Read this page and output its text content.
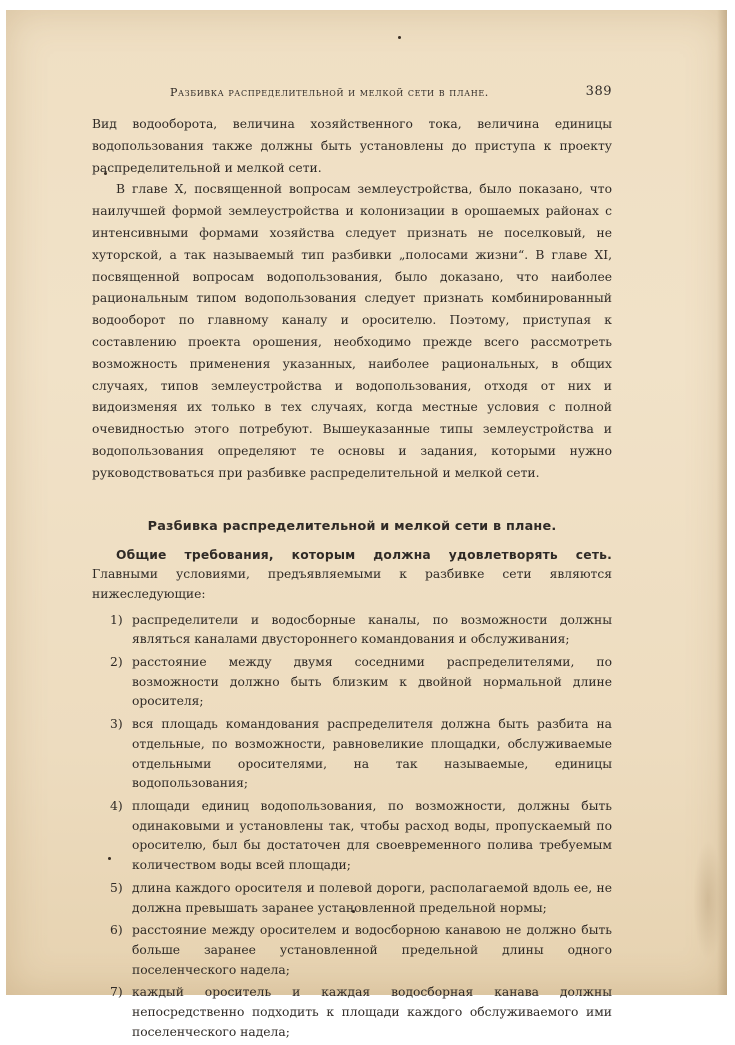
Разбивка распределительной и мелкой сети в плане.	389

Вид водооборота, величина хозяйственного тока, величина единицы водопользования также должны быть установлены до приступа к проекту распределительной и мелкой сети.

В главе X, посвященной вопросам землеустройства, было показано, что наилучшей формой землеустройства и колонизации в орошаемых районах с интенсивными формами хозяйства следует признать не поселковый, не хуторской, а так называемый тип разбивки „полосами жизни“. В главе XI, посвященной вопросам водопользования, было доказано, что наиболее рациональным типом водопользования следует признать комбинированный водооборот по главному каналу и оросителю. Поэтому, приступая к составлению проекта орошения, необходимо прежде всего рассмотреть возможность применения указанных, наиболее рациональных, в общих случаях, типов землеустройства и водопользования, отходя от них и видоизменяя их только в тех случаях, когда местные условия с полной очевидностью этого потребуют. Вышеуказанные типы землеустройства и водопользования определяют те основы и задания, которыми нужно руководствоваться при разбивке распределительной и мелкой сети.

Разбивка распределительной и мелкой сети в плане.

Общие требования, которым должна удовлетворять сеть. Главными условиями, предъявляемыми к разбивке сети являются нижеследующие:

1) распределители и водосборные каналы, по возможности должны являться каналами двустороннего командования и обслуживания;
2) расстояние между двумя соседними распределителями, по возможности должно быть близким к двойной нормальной длине оросителя;
3) вся площадь командования распределителя должна быть разбита на отдельные, по возможности, равновеликие площадки, обслуживаемые отдельными оросителями, на так называемые, единицы водопользования;
4) площади единиц водопользования, по возможности, должны быть одинаковыми и установлены так, чтобы расход воды, пропускаемый по оросителю, был бы достаточен для своевременного полива требуемым количеством воды всей площади;
5) длина каждого оросителя и полевой дороги, располагаемой вдоль ее, не должна превышать заранее установленной предельной нормы;
6) расстояние между оросителем и водосборною канавою не должно быть больше заранее установленной предельной длины одного поселенческого надела;
7) каждый ороситель и каждая водосборная канава должны непосредственно подходить к площади каждого обслуживаемого ими поселенческого надела;
